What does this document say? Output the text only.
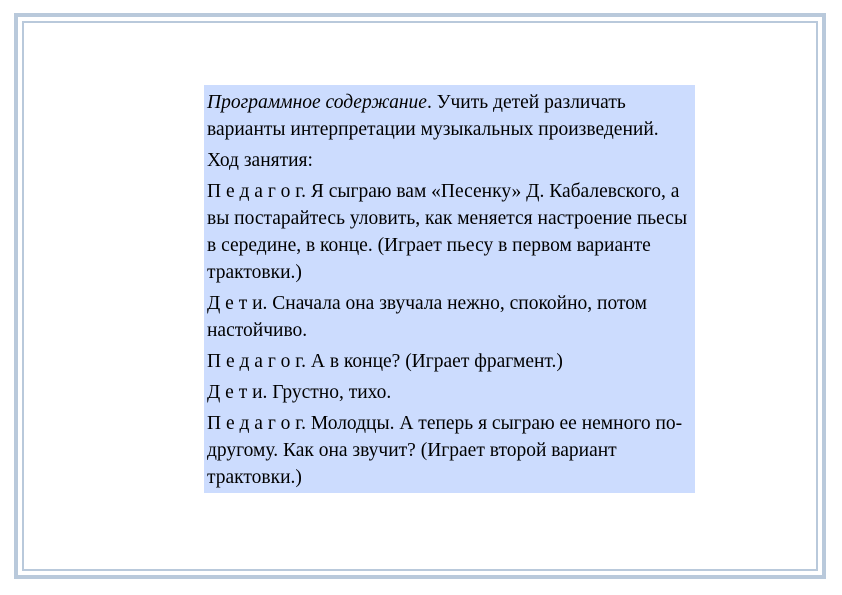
Программное содержание. Учить детей различать варианты интерпретации музыкальных произведений.

Ход занятия:

П е д а г о г. Я сыграю вам «Песенку» Д. Кабалевского, а вы постарайтесь уловить, как меняется настроение пьесы в середине, в конце. (Играет пьесу в первом варианте трактовки.)

Д е т и. Сначала она звучала нежно, спокойно, потом настойчиво.

П е д а г о г. А в конце? (Играет фрагмент.)

Д е т и. Грустно, тихо.

П е д а г о г. Молодцы. А теперь я сыграю ее немного по-другому. Как она звучит? (Играет второй вариант трактовки.)
